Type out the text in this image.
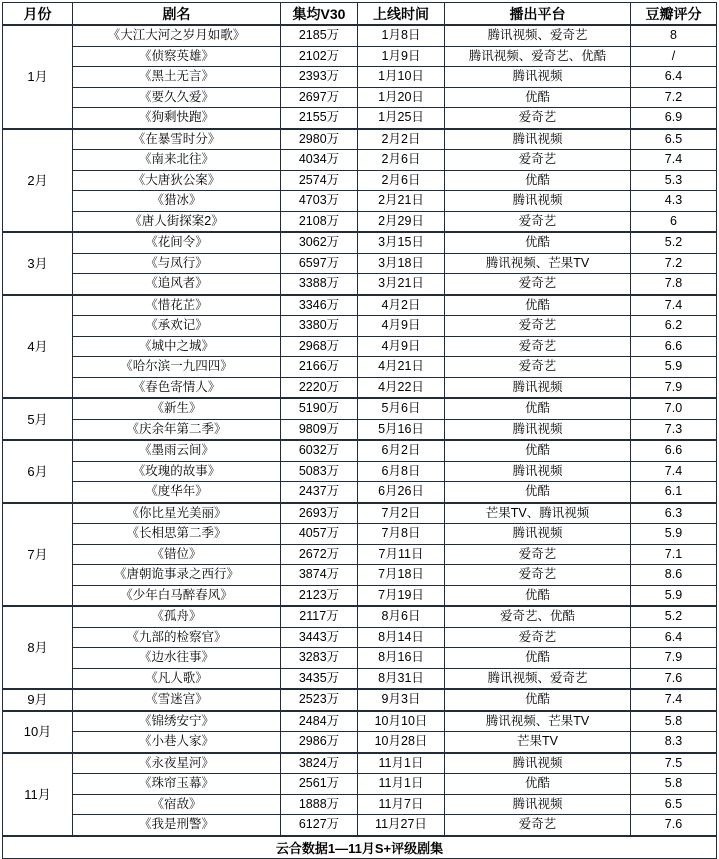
月份	剧名	集均V30	上线时间	播出平台	豆瓣评分
1月	《大江大河之岁月如歌》	2185万	1月8日	腾讯视频、爱奇艺	8
	《侦察英雄》	2102万	1月9日	腾讯视频、爱奇艺、优酷	/
	《黑土无言》	2393万	1月10日	腾讯视频	6.4
	《要久久爱》	2697万	1月20日	优酷	7.2
	《狗剩快跑》	2155万	1月25日	爱奇艺	6.9
2月	《在暴雪时分》	2980万	2月2日	腾讯视频	6.5
	《南来北往》	4034万	2月6日	爱奇艺	7.4
	《大唐狄公案》	2574万	2月6日	优酷	5.3
	《猎冰》	4703万	2月21日	腾讯视频	4.3
	《唐人街探案2》	2108万	2月29日	爱奇艺	6
3月	《花间令》	3062万	3月15日	优酷	5.2
	《与凤行》	6597万	3月18日	腾讯视频、芒果TV	7.2
	《追风者》	3388万	3月21日	爱奇艺	7.8
4月	《惜花芷》	3346万	4月2日	优酷	7.4
	《承欢记》	3380万	4月9日	爱奇艺	6.2
	《城中之城》	2968万	4月9日	爱奇艺	6.6
	《哈尔滨一九四四》	2166万	4月21日	爱奇艺	5.9
	《春色寄情人》	2220万	4月22日	腾讯视频	7.9
5月	《新生》	5190万	5月6日	优酷	7.0
	《庆余年第二季》	9809万	5月16日	腾讯视频	7.3
6月	《墨雨云间》	6032万	6月2日	优酷	6.6
	《玫瑰的故事》	5083万	6月8日	腾讯视频	7.4
	《度华年》	2437万	6月26日	优酷	6.1
7月	《你比星光美丽》	2693万	7月2日	芒果TV、腾讯视频	6.3
	《长相思第二季》	4057万	7月8日	腾讯视频	5.9
	《错位》	2672万	7月11日	爱奇艺	7.1
	《唐朝诡事录之西行》	3874万	7月18日	爱奇艺	8.6
	《少年白马醉春风》	2123万	7月19日	优酷	5.9
8月	《孤舟》	2117万	8月6日	爱奇艺、优酷	5.2
	《九部的检察官》	3443万	8月14日	爱奇艺	6.4
	《边水往事》	3283万	8月16日	优酷	7.9
	《凡人歌》	3435万	8月31日	腾讯视频、爱奇艺	7.6
9月	《雪迷宫》	2523万	9月3日	优酷	7.4
10月	《锦绣安宁》	2484万	10月10日	腾讯视频、芒果TV	5.8
	《小巷人家》	2986万	10月28日	芒果TV	8.3
11月	《永夜星河》	3824万	11月1日	腾讯视频	7.5
	《珠帘玉幕》	2561万	11月1日	优酷	5.8
	《宿敌》	1888万	11月7日	腾讯视频	6.5
	《我是刑警》	6127万	11月27日	爱奇艺	7.6
云合数据1—11月S+评级剧集					
